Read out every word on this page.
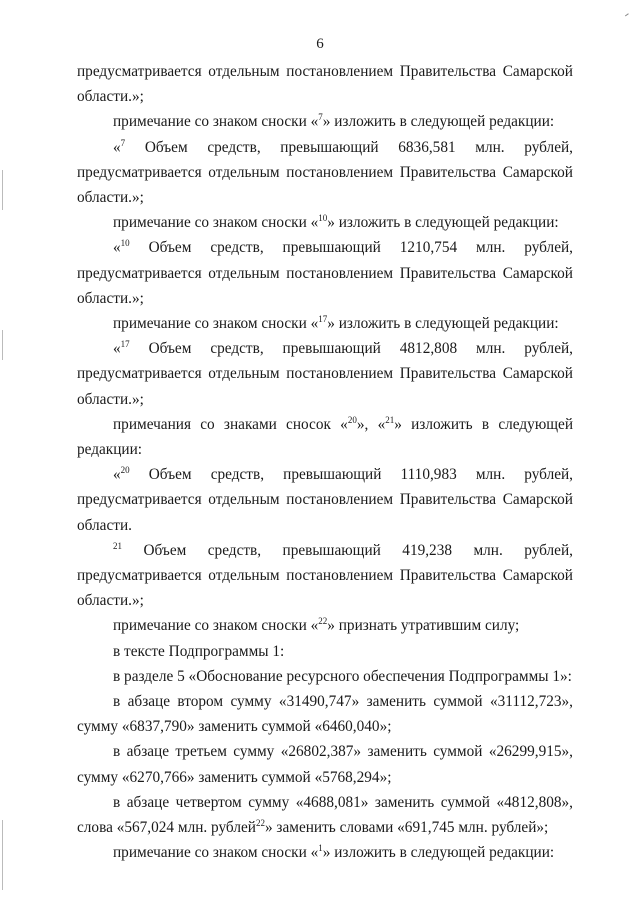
6

предусматривается отдельным постановлением Правительства Самарской

области.»;

примечание со знаком сноски «$^7$» изложить в следующей редакции:

«$^7$ Объем средств, превышающий 6836,581 млн. рублей, предусматривается отдельным постановлением Правительства Самарской области.»;

примечание со знаком сноски «$^{10}$» изложить в следующей редакции:

«$^{10}$ Объем средств, превышающий 1210,754 млн. рублей, предусматривается отдельным постановлением Правительства Самарской области.»;

примечание со знаком сноски «$^{17}$» изложить в следующей редакции:

«$^{17}$ Объем средств, превышающий 4812,808 млн. рублей, предусматривается отдельным постановлением Правительства Самарской области.»;

примечания со знаками сносок «$^{20}$», «$^{21}$» изложить в следующей редакции:

«$^{20}$ Объем средств, превышающий 1110,983 млн. рублей, предусматривается отдельным постановлением Правительства Самарской области.

$^{21}$ Объем средств, превышающий 419,238 млн. рублей, предусматривается отдельным постановлением Правительства Самарской области.»;

примечание со знаком сноски «$^{22}$» признать утратившим силу;

в тексте Подпрограммы 1:

в разделе 5 «Обоснование ресурсного обеспечения Подпрограммы 1»:

в абзаце втором сумму «31490,747» заменить суммой «31112,723», сумму «6837,790» заменить суммой «6460,040»;

в абзаце третьем сумму «26802,387» заменить суммой «26299,915», сумму «6270,766» заменить суммой «5768,294»;

в абзаце четвертом сумму «4688,081» заменить суммой «4812,808», слова «567,024 млн. рублей$^{22}$» заменить словами «691,745 млн. рублей»;

примечание со знаком сноски «$^1$» изложить в следующей редакции:
